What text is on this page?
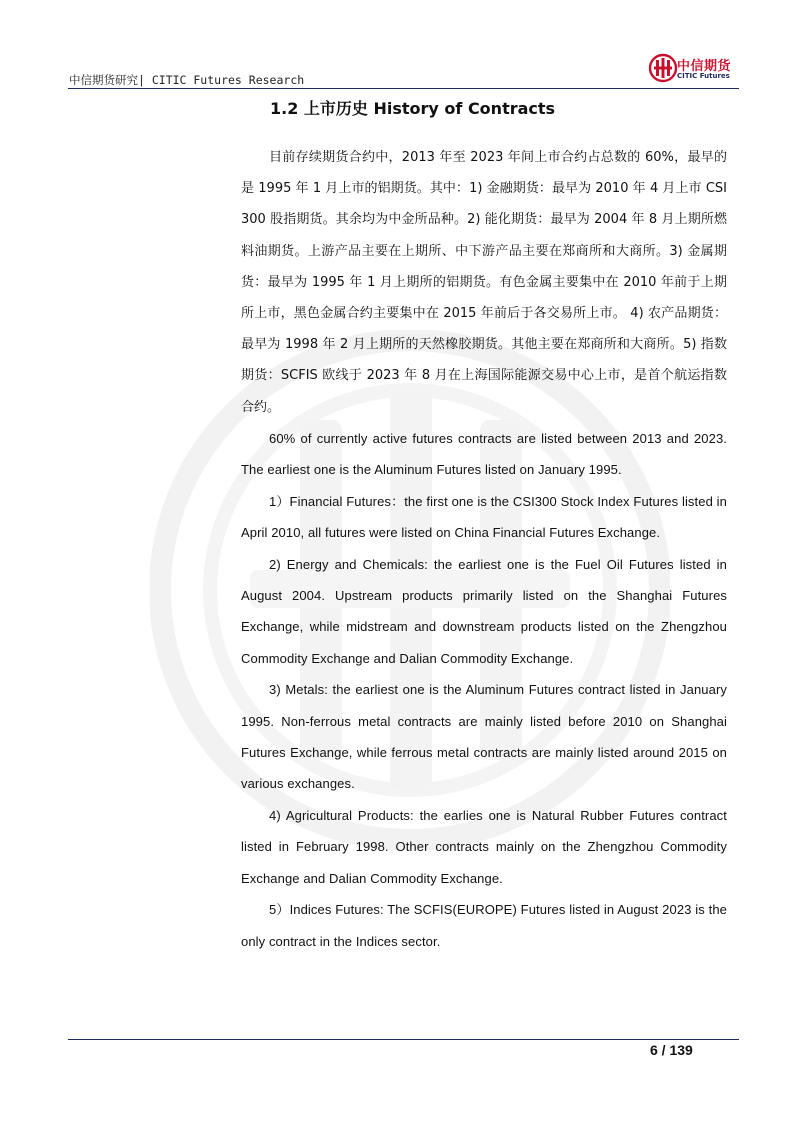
中信期货研究| CITIC Futures Research
中信期货
CITIC Futures
1.2 上市历史 History of Contracts

目前存续期货合约中，2013 年至 2023 年间上市合约占总数的 60%，最早的是 1995 年 1 月上市的铝期货。其中：1) 金融期货：最早为 2010 年 4 月上市 CSI300 股指期货。其余均为中金所品种。2) 能化期货：最早为 2004 年 8 月上期所燃料油期货。上游产品主要在上期所、中下游产品主要在郑商所和大商所。3) 金属期货：最早为 1995 年 1 月上期所的铝期货。有色金属主要集中在 2010 年前于上期所上市，黑色金属合约主要集中在 2015 年前后于各交易所上市。 4) 农产品期货：最早为 1998 年 2 月上期所的天然橡胶期货。其他主要在郑商所和大商所。5) 指数期货：SCFIS 欧线于 2023 年 8 月在上海国际能源交易中心上市，是首个航运指数合约。

60% of currently active futures contracts are listed between 2013 and 2023. The earliest one is the Aluminum Futures listed on January 1995.

1）Financial Futures：the first one is the CSI300 Stock Index Futures listed in April 2010, all futures were listed on China Financial Futures Exchange.

2) Energy and Chemicals: the earliest one is the Fuel Oil Futures listed in August 2004. Upstream products primarily listed on the Shanghai Futures Exchange, while midstream and downstream products listed on the Zhengzhou Commodity Exchange and Dalian Commodity Exchange.

3) Metals: the earliest one is the Aluminum Futures contract listed in January 1995. Non-ferrous metal contracts are mainly listed before 2010 on Shanghai Futures Exchange, while ferrous metal contracts are mainly listed around 2015 on various exchanges.

4) Agricultural Products: the earlies one is Natural Rubber Futures contract listed in February 1998. Other contracts mainly on the Zhengzhou Commodity Exchange and Dalian Commodity Exchange.

5）Indices Futures: The SCFIS(EUROPE) Futures listed in August 2023 is the only contract in the Indices sector.

6 / 139
